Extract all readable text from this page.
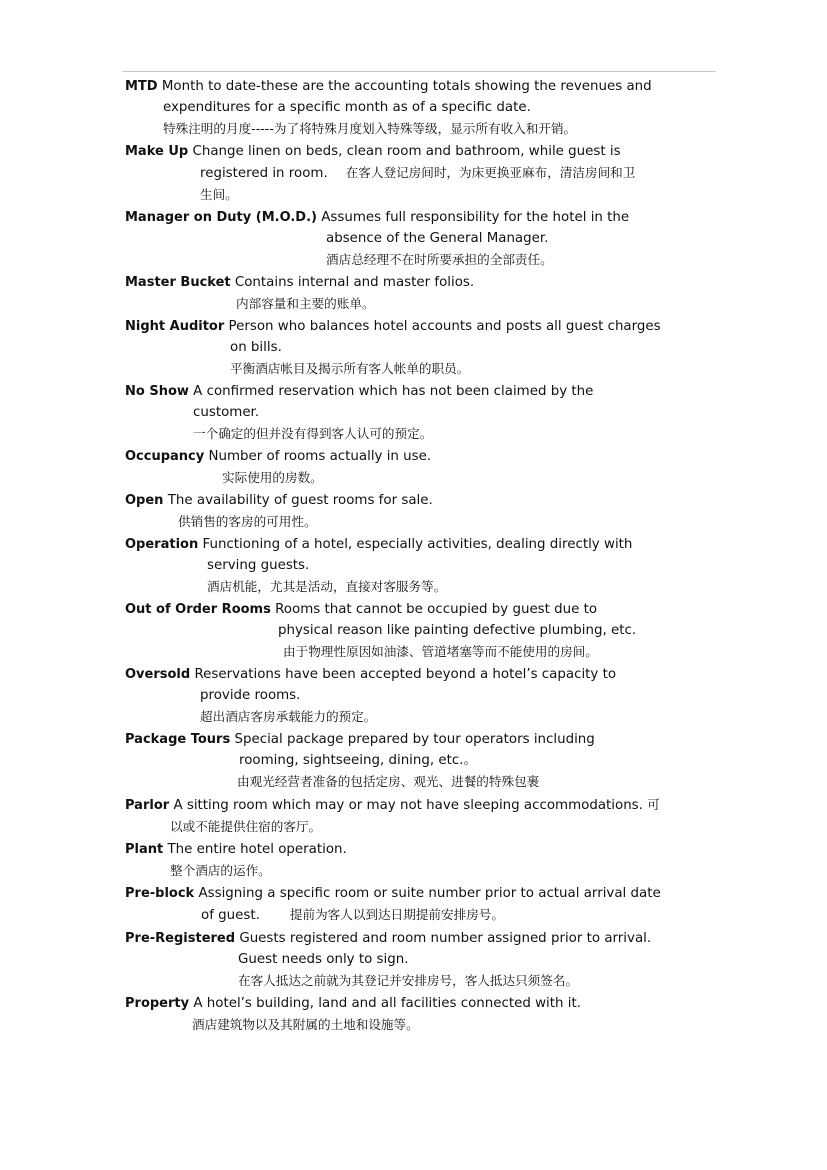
MTD Month to date-these are the accounting totals showing the revenues and
expenditures for a specific month as of a specific date.
特殊注明的月度-----为了将特殊月度划入特殊等级，显示所有收入和开销。
Make Up Change linen on beds, clean room and bathroom, while guest is
registered in room. 在客人登记房间时，为床更换亚麻布，清洁房间和卫
生间。
Manager on Duty (M.O.D.) Assumes full responsibility for the hotel in the
absence of the General Manager.
酒店总经理不在时所要承担的全部责任。
Master Bucket Contains internal and master folios.
内部容量和主要的账单。
Night Auditor Person who balances hotel accounts and posts all guest charges
on bills.
平衡酒店帐目及揭示所有客人帐单的职员。
No Show A confirmed reservation which has not been claimed by the
customer.
一个确定的但并没有得到客人认可的预定。
Occupancy Number of rooms actually in use.
实际使用的房数。
Open The availability of guest rooms for sale.
供销售的客房的可用性。
Operation Functioning of a hotel, especially activities, dealing directly with
serving guests.
酒店机能，尤其是活动，直接对客服务等。
Out of Order Rooms Rooms that cannot be occupied by guest due to
physical reason like painting defective plumbing, etc.
由于物理性原因如油漆、管道堵塞等而不能使用的房间。
Oversold Reservations have been accepted beyond a hotel’s capacity to
provide rooms.
超出酒店客房承载能力的预定。
Package Tours Special package prepared by tour operators including
rooming, sightseeing, dining, etc.。
由观光经营者准备的包括定房、观光、进餐的特殊包裹
Parlor A sitting room which may or may not have sleeping accommodations. 可
以或不能提供住宿的客厅。
Plant The entire hotel operation.
整个酒店的运作。
Pre-block Assigning a specific room or suite number prior to actual arrival date
of guest. 提前为客人以到达日期提前安排房号。
Pre-Registered Guests registered and room number assigned prior to arrival.
Guest needs only to sign.
在客人抵达之前就为其登记并安排房号，客人抵达只须签名。
Property A hotel’s building, land and all facilities connected with it.
酒店建筑物以及其附属的土地和设施等。
